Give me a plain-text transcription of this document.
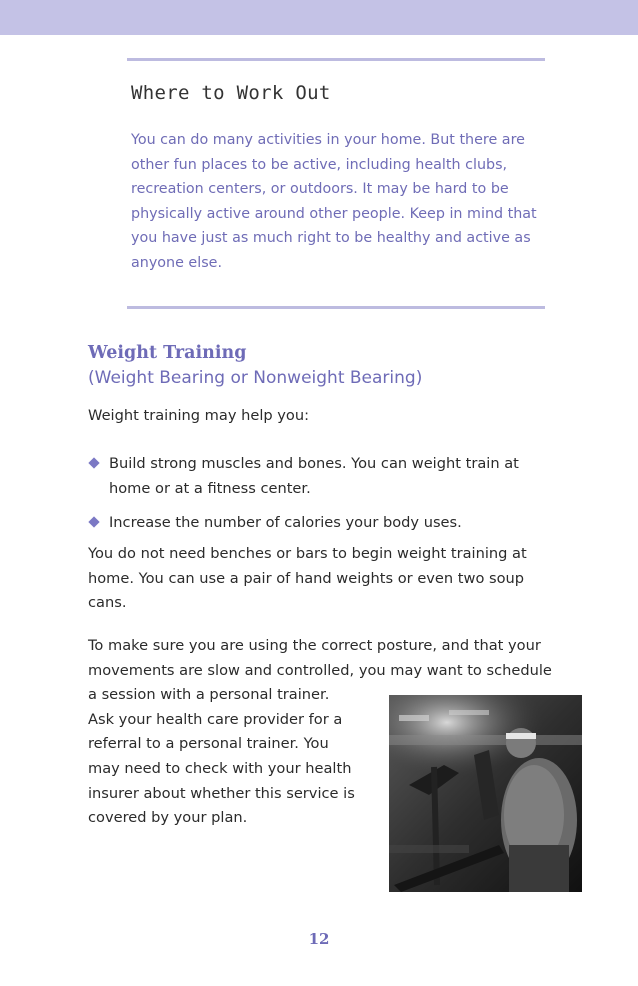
Where to Work Out

You can do many activities in your home. But there are other fun places to be active, including health clubs, recreation centers, or outdoors. It may be hard to be physically active around other people. Keep in mind that you have just as much right to be healthy and active as anyone else.

Weight Training
(Weight Bearing or Nonweight Bearing)

Weight training may help you:

Build strong muscles and bones. You can weight train at home or at a fitness center.
Increase the number of calories your body uses.

You do not need benches or bars to begin weight training at home. You can use a pair of hand weights or even two soup cans.

To make sure you are using the correct posture, and that your
movements are slow and controlled, you may want to schedule
a session with a personal trainer.
Ask your health care provider for a
referral to a personal trainer. You
may need to check with your health
insurer about whether this service is
covered by your plan.
12
